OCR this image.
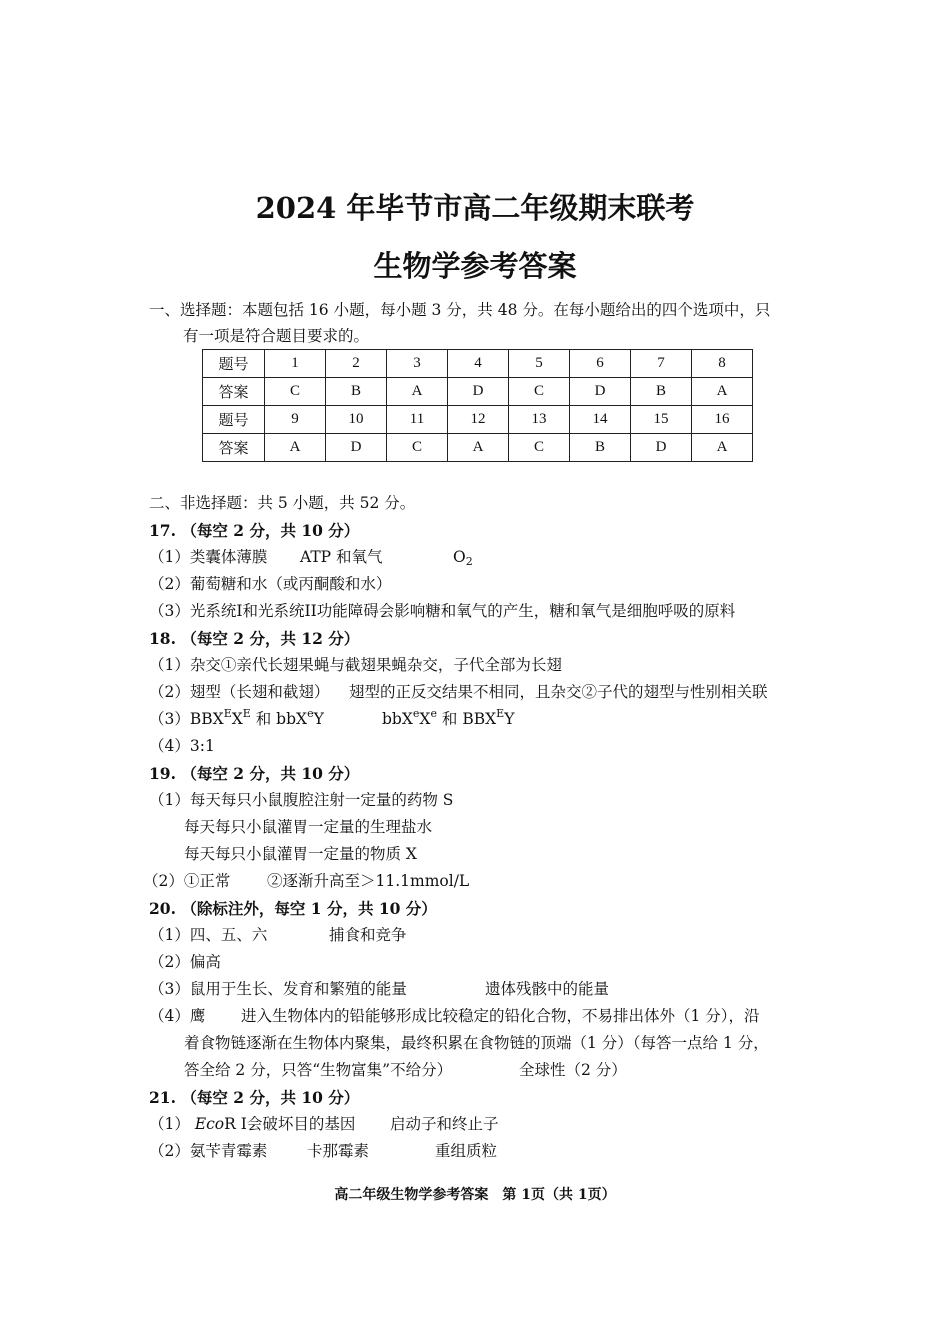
2024 年毕节市高二年级期末联考
生物学参考答案
一、选择题：本题包括 16 小题，每小题 3 分，共 48 分。在每小题给出的四个选项中，只
有一项是符合题目要求的。
题号	1	2	3	4	5	6	7	8
答案	C	B	A	D	C	D	B	A
题号	9	10	11	12	13	14	15	16
答案	A	D	C	A	C	B	D	A
二、非选择题：共 5 小题，共 52 分。
17. （每空 2 分，共 10 分）
（1）类囊体薄膜 ATP 和氧气	$O_2$
（2）葡萄糖和水（或丙酮酸和水）
（3）光系统I和光系统II功能障碍会影响糖和氧气的产生，糖和氧气是细胞呼吸的原料
18. （每空 2 分，共 12 分）
（1）杂交①亲代长翅果蝇与截翅果蝇杂交，子代全部为长翅
（2）翅型（长翅和截翅） 翅型的正反交结果不相同，且杂交②子代的翅型与性别相关联
$(3)BBX^EX^E$ 和 bbX$^e$Y	bbX$^e$Xe 和 $BBX^EY$
（4）3:1
19. （每空 2 分，共 10 分）
（1）每天每只小鼠腹腔注射一定量的药物 S
每天每只小鼠灌胃一定量的生理盐水
每天每只小鼠灌胃一定量的物质 X
（2）①正常 ②逐渐升高至＞11.1mmol/L
20. （除标注外，每空 1 分，共 10 分）
（1）四、五、六	捕食和竞争
（2）偏高
（3）鼠用于生长、发育和繁殖的能量	遗体残骸中的能量
（4）鹰 进入生物体内的铅能够形成比较稳定的铅化合物，不易排出体外（1 分），沿
着食物链逐渐在生物体内聚集，最终积累在食物链的顶端（1 分）（每答一点给 1 分，
答全给 2 分，只答“生物富集”不给分）	全球性（2 分）
21. （每空 2 分，共 10 分）
（1） EcoR I会破坏目的基因 启动子和终止子
（2）氨苄青霉素	卡那霉素	重组质粒
高二年级生物学参考答案　第 1页（共 1页）
